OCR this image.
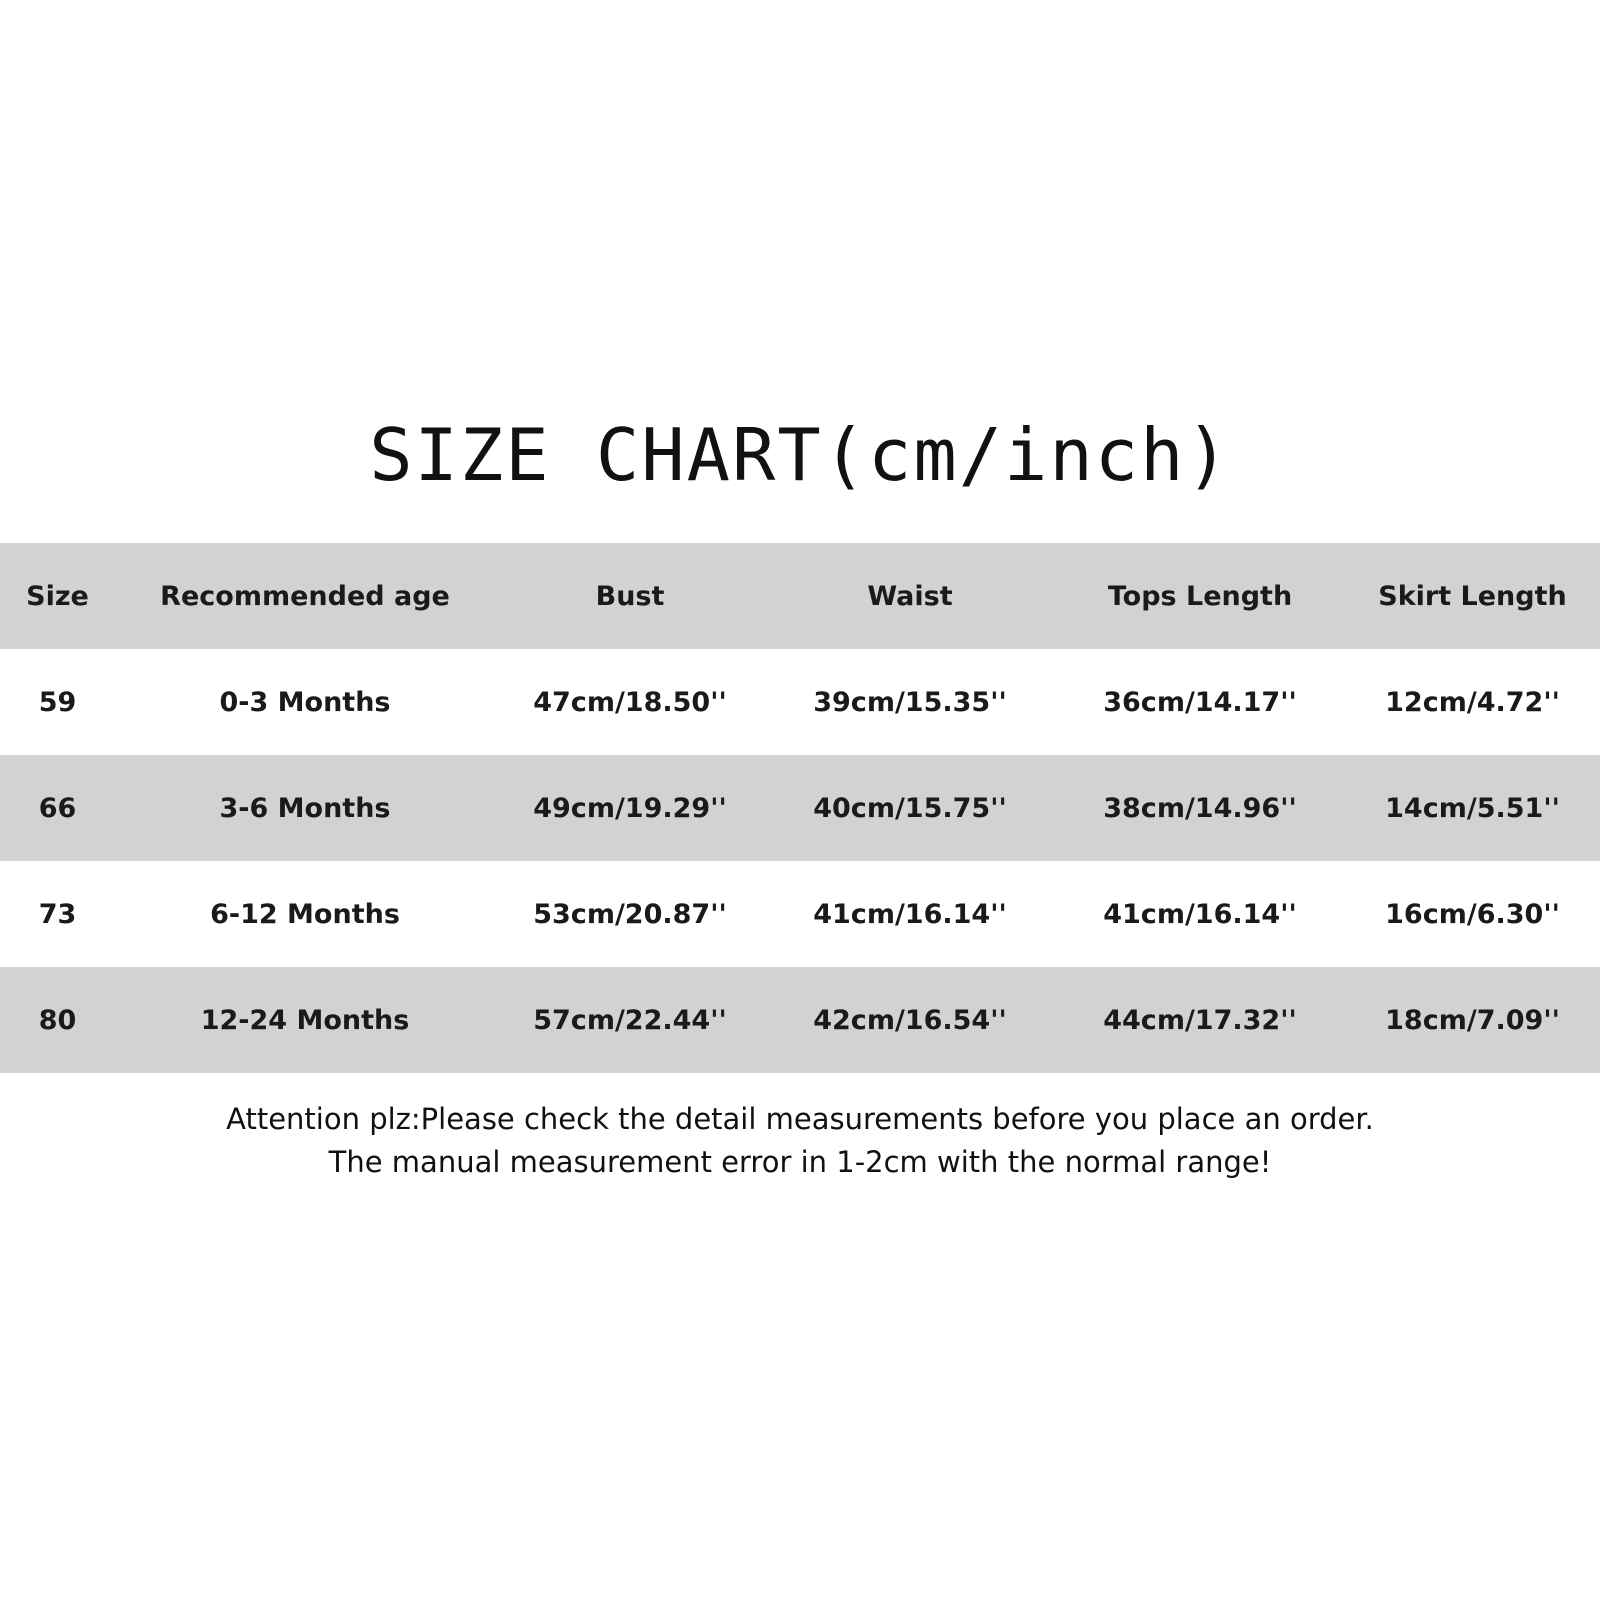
SIZE CHART(cm/inch)
Size	Recommended age	Bust	Waist	Tops Length	Skirt Length
59	0-3 Months	47cm/18.50''	39cm/15.35''	36cm/14.17''	12cm/4.72''
66	3-6 Months	49cm/19.29''	40cm/15.75''	38cm/14.96''	14cm/5.51''
73	6-12 Months	53cm/20.87''	41cm/16.14''	41cm/16.14''	16cm/6.30''
80	12-24 Months	57cm/22.44''	42cm/16.54''	44cm/17.32''	18cm/7.09''
Attention plz:Please check the detail measurements before you place an order.
The manual measurement error in 1-2cm with the normal range!
